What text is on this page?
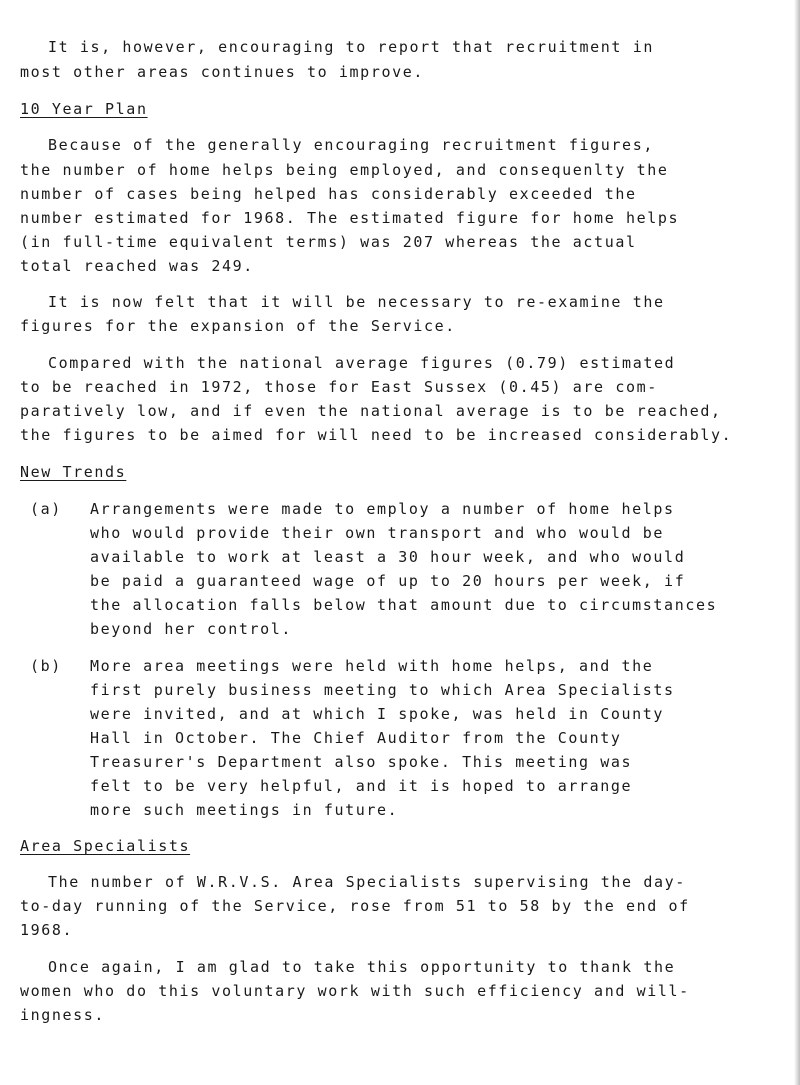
It is, however, encouraging to report that recruitment in
most other areas continues to improve.
10 Year Plan
Because of the generally encouraging recruitment figures,
the number of home helps being employed, and consequenlty the
number of cases being helped has considerably exceeded the
number estimated for 1968. The estimated figure for home helps
(in full-time equivalent terms) was 207 whereas the actual
total reached was 249.
It is now felt that it will be necessary to re-examine the
figures for the expansion of the Service.
Compared with the national average figures (0.79) estimated
to be reached in 1972, those for East Sussex (0.45) are com-
paratively low, and if even the national average is to be reached,
the figures to be aimed for will need to be increased considerably.
New Trends
(a) Arrangements were made to employ a number of home helps
who would provide their own transport and who would be
available to work at least a 30 hour week, and who would
be paid a guaranteed wage of up to 20 hours per week, if
the allocation falls below that amount due to circumstances
beyond her control.
(b) More area meetings were held with home helps, and the
first purely business meeting to which Area Specialists
were invited, and at which I spoke, was held in County
Hall in October. The Chief Auditor from the County
Treasurer's Department also spoke. This meeting was
felt to be very helpful, and it is hoped to arrange
more such meetings in future.
Area Specialists
The number of W.R.V.S. Area Specialists supervising the day-
to-day running of the Service, rose from 51 to 58 by the end of
1968.
Once again, I am glad to take this opportunity to thank the
women who do this voluntary work with such efficiency and will-
ingness.
